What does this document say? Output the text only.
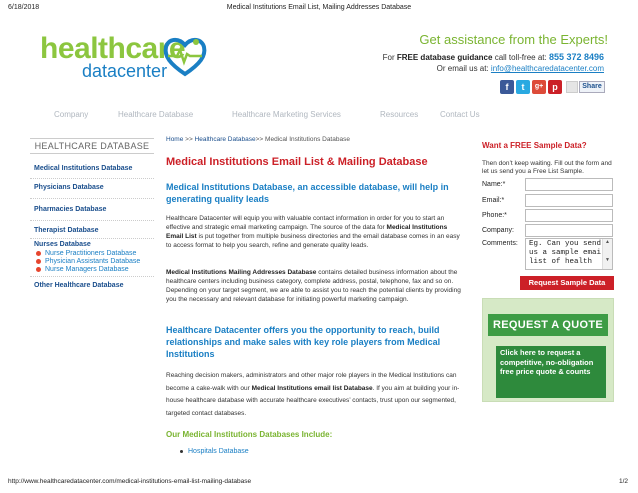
6/18/2018	Medical Institutions Email List, Mailing Addresses Database
healthcare
datacenter
Get assistance from the Experts!
For FREE database guidance call toll-free at: 855 372 8496
Or email us at: info@healthcaredatacenter.com
f	t	g+	p	Share
Company	Healthcare Database	Healthcare Marketing Services	Resources	Contact Us
HEALTHCARE DATABASE
Medical Institutions Database
Physicians Database
Pharmacies Database
Therapist Database
Nurses Database
Nurse Practitioners Database
Physician Assistants Database
Nurse Managers Database
Other Healthcare Database
Home >> Healthcare Database>> Medical Institutions Database
Medical Institutions Email List & Mailing Database
Medical Institutions Database, an accessible database, will help in generating quality leads
Healthcare Datacenter will equip you with valuable contact information in order for you to start an effective and strategic email marketing campaign. The source of the data for Medical Institutions Email List is put together from multiple business directories and the email database comes in an easy to access format to help you search, refine and generate quality leads.
Medical Institutions Mailing Addresses Database contains detailed business information about the healthcare centers including business category, complete address, postal, telephone, fax and so on. Depending on your target segment, we are able to assist you to reach the potential clients by providing you the necessary and relevant database for initiating powerful marketing campaign.
Healthcare Datacenter offers you the opportunity to reach, build relationships and make sales with key role players from Medical Institutions
Reaching decision makers, administrators and other major role players in the Medical Institutions can become a cake-walk with our Medical Institutions email list Database. If you aim at building your in-house healthcare database with accurate healthcare executives’ contacts, trust upon our segmented, targeted contact databases.
Our Medical Institutions Databases Include:
Hospitals Database
Want a FREE Sample Data?
Then don’t keep waiting. Fill out the form and let us send you a Free List Sample.
Name:*
Email:*
Phone:*
Company:
Comments:
Eg. Can you send us a sample email list of health	▲

▼
Request Sample Data
REQUEST A QUOTE
Click here to request a competitive, no-obligation free price quote & counts
http://www.healthcaredatacenter.com/medical-institutions-email-list-mailing-database	1/2
